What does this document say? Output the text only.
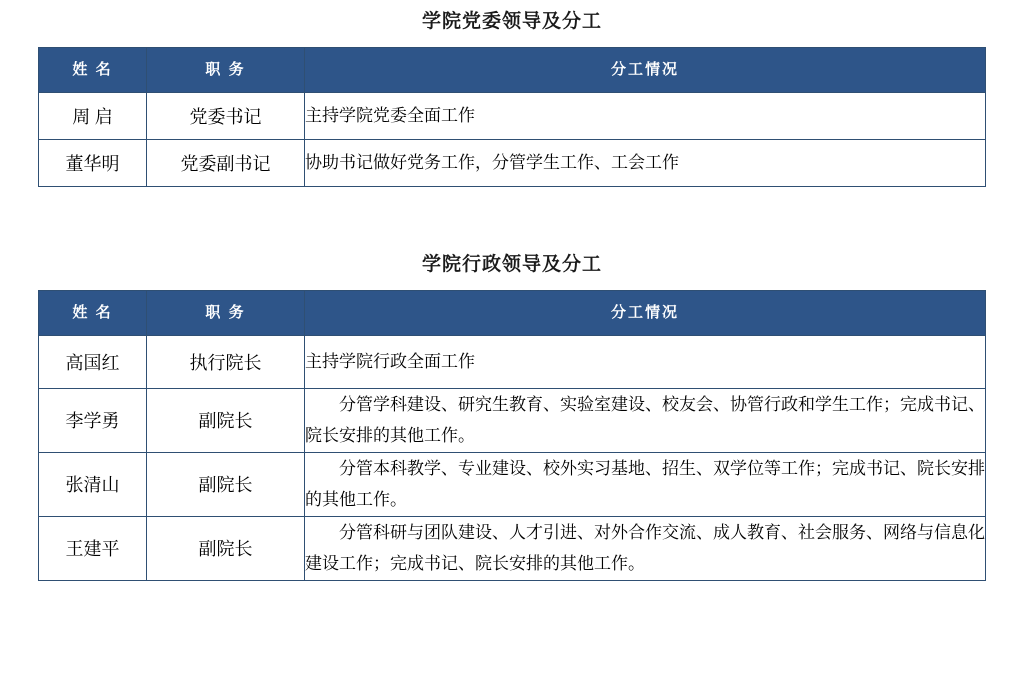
学院党委领导及分工
姓 名	职 务	分工情况

周 启	党委书记	主持学院党委全面工作
董华明	党委副书记	协助书记做好党务工作，分管学生工作、工会工作
学院行政领导及分工
姓 名	职 务	分工情况

高国红	执行院长	主持学院行政全面工作
李学勇	副院长	分管学科建设、研究生教育、实验室建设、校友会、协管行政和学生工作；完成书记、院长安排的其他工作。

张清山	副院长	分管本科教学、专业建设、校外实习基地、招生、双学位等工作；完成书记、院长安排的其他工作。

王建平	副院长	分管科研与团队建设、人才引进、对外合作交流、成人教育、社会服务、网络与信息化建设工作；完成书记、院长安排的其他工作。
